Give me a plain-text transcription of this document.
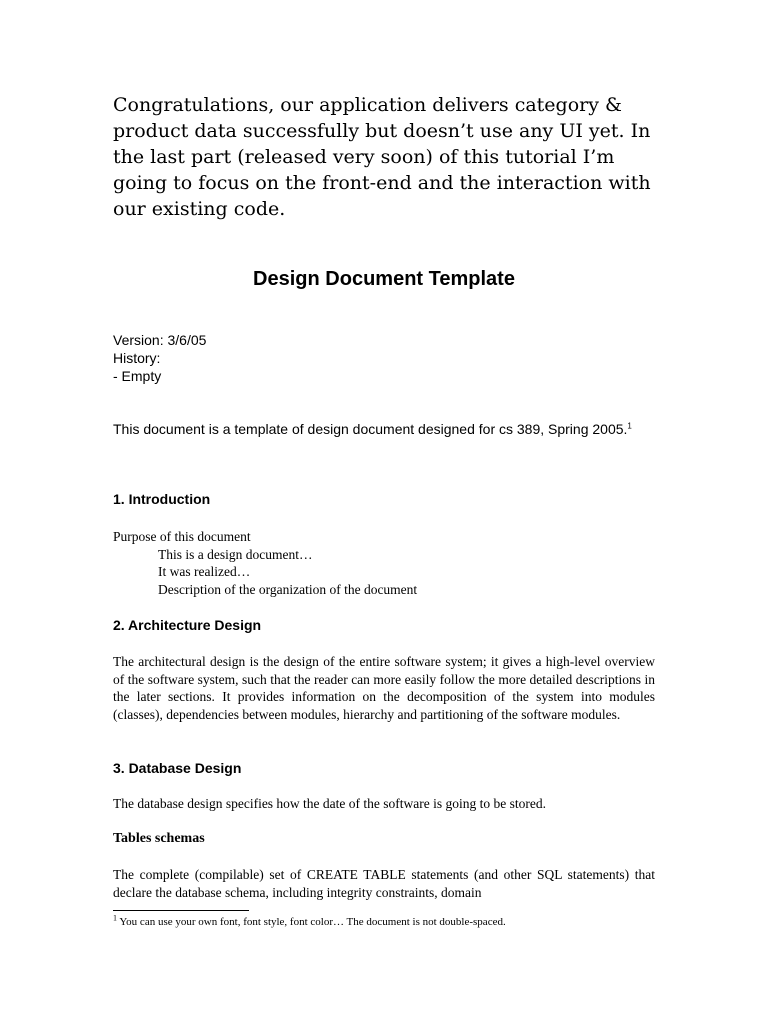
Congratulations, our application delivers category & product data successfully but doesn’t use any UI yet. In the last part (released very soon) of this tutorial I’m going to focus on the front-end and the interaction with our existing code.
Design Document Template
Version: 3/6/05
History:
- Empty
This document is a template of design document designed for cs 389, Spring 2005.$^1$
1. Introduction
Purpose of this document
This is a design document…
It was realized…
Description of the organization of the document
2. Architecture Design
The architectural design is the design of the entire software system; it gives a high-level overview of the software system, such that the reader can more easily follow the more detailed descriptions in the later sections. It provides information on the decomposition of the system into modules (classes), dependencies between modules, hierarchy and partitioning of the software modules.
3. Database Design
The database design specifies how the date of the software is going to be stored.
Tables schemas
The complete (compilable) set of CREATE TABLE statements (and other SQL statements) that declare the database schema, including integrity constraints, domain
$^1$ You can use your own font, font style, font color… The document is not double-spaced.
